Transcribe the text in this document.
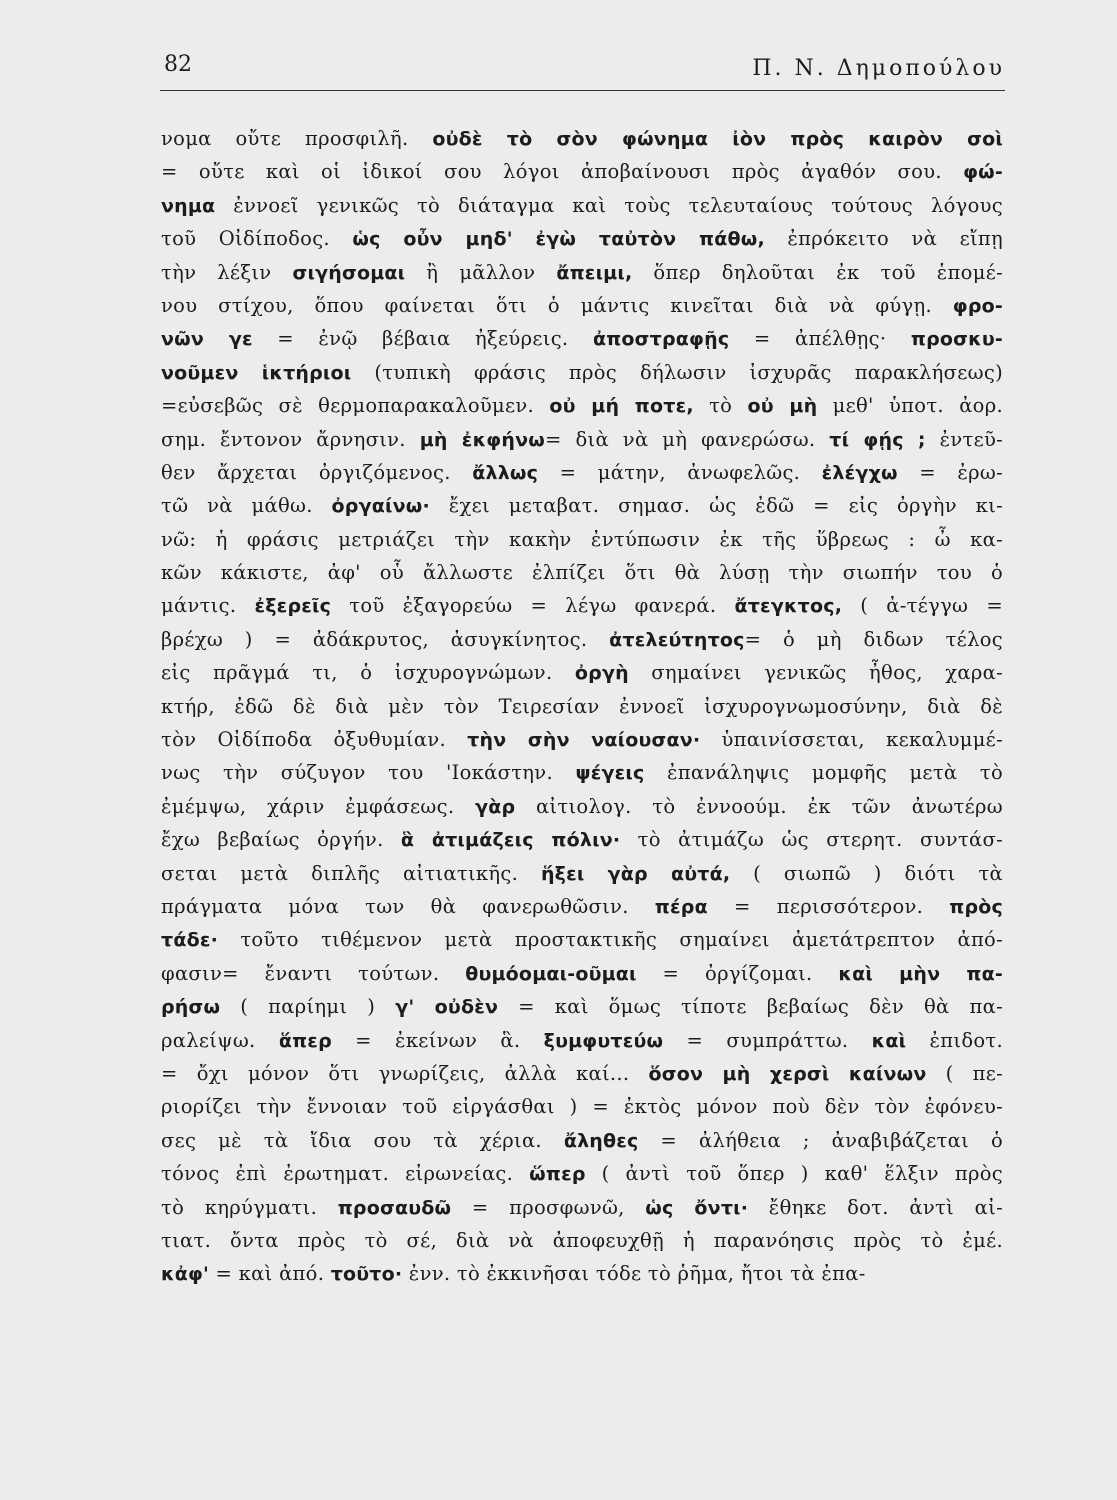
82	Π. Ν. Δημοπούλου
νομα οὔτε προσφιλῆ. οὐδὲ τὸ σὸν φώνημα ἰὸν πρὸς καιρὸν σοὶ
= οὔτε καὶ οἱ ἰδικοί σου λόγοι ἀποβαίνουσι πρὸς ἀγαθόν σου. φώ-
νημα ἐννοεῖ γενικῶς τὸ διάταγμα καὶ τοὺς τελευταίους τούτους λόγους
τοῦ Οἰδίποδος. ὡς οὖν μηδ' ἐγὼ ταὐτὸν πάθω, ἐπρόκειτο νὰ εἴπῃ
τὴν λέξιν σιγήσομαι ἢ μᾶλλον ἄπειμι, ὅπερ δηλοῦται ἐκ τοῦ ἑπομέ-
νου στίχου, ὅπου φαίνεται ὅτι ὁ μάντις κινεῖται διὰ νὰ φύγῃ. φρο-
νῶν γε = ἐνῷ βέβαια ἠξεύρεις. ἀποστραφῇς = ἀπέλθῃς· προσκυ-
νοῦμεν ἱκτήριοι (τυπικὴ φράσις πρὸς δήλωσιν ἰσχυρᾶς παρακλήσεως)
=εὐσεβῶς σὲ θερμοπαρακαλοῦμεν. οὐ μή ποτε, τὸ οὐ μὴ μεθ' ὑποτ. ἀορ.
σημ. ἔντονον ἄρνησιν. μὴ ἐκφήνω= διὰ νὰ μὴ φανερώσω. τί φῄς ; ἐντεῦ-
θεν ἄρχεται ὀργιζόμενος. ἄλλως = μάτην, ἀνωφελῶς. ἐλέγχω = ἐρω-
τῶ νὰ μάθω. ὀργαίνω· ἔχει μεταβατ. σημασ. ὡς ἐδῶ = εἰς ὀργὴν κι-
νῶ: ἡ φράσις μετριάζει τὴν κακὴν ἐντύπωσιν ἐκ τῆς ὕβρεως : ὦ κα-
κῶν κάκιστε, ἀφ' οὗ ἄλλωστε ἐλπίζει ὅτι θὰ λύσῃ τὴν σιωπήν του ὁ
μάντις. ἐξερεῖς τοῦ ἐξαγορεύω = λέγω φανερά. ἄτεγκτος, ( ἀ-τέγγω =
βρέχω ) = ἀδάκρυτος, ἀσυγκίνητος. ἀτελεύτητος= ὁ μὴ διδων τέλος
εἰς πρᾶγμά τι, ὁ ἰσχυρογνώμων. ὀργὴ σημαίνει γενικῶς ἦθος, χαρα-
κτήρ, ἐδῶ δὲ διὰ μὲν τὸν Τειρεσίαν ἐννοεῖ ἰσχυρογνωμοσύνην, διὰ δὲ
τὸν Οἰδίποδα ὀξυθυμίαν. τὴν σὴν ναίουσαν· ὑπαινίσσεται, κεκαλυμμέ-
νως τὴν σύζυγον του 'Ιοκάστην. ψέγεις ἐπανάληψις μομφῆς μετὰ τὸ
ἐμέμψω, χάριν ἐμφάσεως. γὰρ αἰτιολογ. τὸ ἐννοούμ. ἐκ τῶν ἀνωτέρω
ἔχω βεβαίως ὀργήν. ἃ ἀτιμάζεις πόλιν· τὸ ἀτιμάζω ὡς στερητ. συντάσ-
σεται μετὰ διπλῆς αἰτιατικῆς. ἥξει γὰρ αὐτά, ( σιωπῶ ) διότι τὰ
πράγματα μόνα των θὰ φανερωθῶσιν. πέρα = περισσότερον. πρὸς
τάδε· τοῦτο τιθέμενον μετὰ προστακτικῆς σημαίνει ἀμετάτρεπτον ἀπό-
φασιν= ἔναντι τούτων. θυμόομαι-οῦμαι = ὀργίζομαι. καὶ μὴν πα-
ρήσω ( παρίημι ) γ' οὐδὲν = καὶ ὅμως τίποτε βεβαίως δὲν θὰ πα-
ραλείψω. ἅπερ = ἐκείνων ἃ. ξυμφυτεύω = συμπράττω. καὶ ἐπιδοτ.
= ὄχι μόνον ὅτι γνωρίζεις, ἀλλὰ καί... ὅσον μὴ χερσὶ καίνων ( πε-
ριορίζει τὴν ἔννοιαν τοῦ εἰργάσθαι ) = ἐκτὸς μόνον ποὺ δὲν τὸν ἐφόνευ-
σες μὲ τὰ ἴδια σου τὰ χέρια. ἄληθες = ἀλήθεια ; ἀναβιβάζεται ὁ
τόνος ἐπὶ ἐρωτηματ. εἰρωνείας. ὥπερ ( ἀντὶ τοῦ ὅπερ ) καθ' ἕλξιν πρὸς
τὸ κηρύγματι. προσαυδῶ = προσφωνῶ, ὡς ὄντι· ἔθηκε δοτ. ἀντὶ αἰ-
τιατ. ὄντα πρὸς τὸ σέ, διὰ νὰ ἀποφευχθῇ ἡ παρανόησις πρὸς τὸ ἐμέ.
κἀφ' = καὶ ἀπό. τοῦτο· ἐνν. τὸ ἐκκινῆσαι τόδε τὸ ῥῆμα, ἤτοι τὰ ἐπα-
